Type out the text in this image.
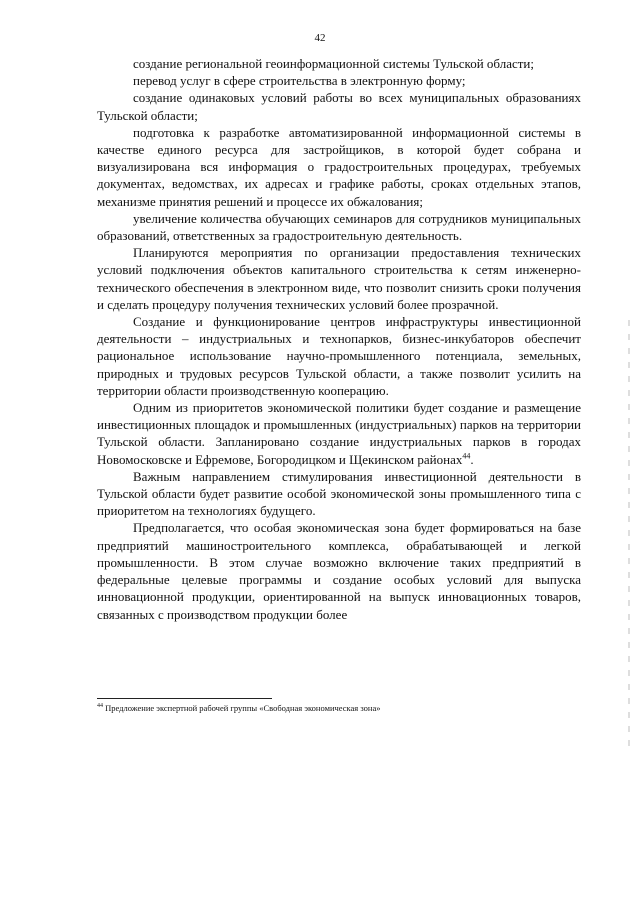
42

создание региональной геоинформационной системы Тульской области;

перевод услуг в сфере строительства в электронную форму;

создание одинаковых условий работы во всех муниципальных образованиях Тульской области;

подготовка к разработке автоматизированной информационной системы в качестве единого ресурса для застройщиков, в которой будет собрана и визуализирована вся информация о градостроительных процедурах, требуемых документах, ведомствах, их адресах и графике работы, сроках отдельных этапов, механизме принятия решений и процессе их обжалования;

увеличение количества обучающих семинаров для сотрудников муниципальных образований, ответственных за градостроительную деятельность.

Планируются мероприятия по организации предоставления технических условий подключения объектов капитального строительства к сетям инженерно-технического обеспечения в электронном виде, что позволит снизить сроки получения и сделать процедуру получения технических условий более прозрачной.

Создание и функционирование центров инфраструктуры инвестиционной деятельности – индустриальных и технопарков, бизнес-инкубаторов обеспечит рациональное использование научно-промышленного потенциала, земельных, природных и трудовых ресурсов Тульской области, а также позволит усилить на территории области производственную кооперацию.

Одним из приоритетов экономической политики будет создание и размещение инвестиционных площадок и промышленных (индустриальных) парков на территории Тульской области. Запланировано создание индустриальных парков в городах Новомосковске и Ефремове, Богородицком и Щекинском районах$^{44}$.

Важным направлением стимулирования инвестиционной деятельности в Тульской области будет развитие особой экономической зоны промышленного типа с приоритетом на технологиях будущего.

Предполагается, что особая экономическая зона будет формироваться на базе предприятий машиностроительного комплекса, обрабатывающей и легкой промышленности. В этом случае возможно включение таких предприятий в федеральные целевые программы и создание особых условий для выпуска инновационной продукции, ориентированной на выпуск инновационных товаров, связанных с производством продукции более

$^{44}$ Предложение экспертной рабочей группы «Свободная экономическая зона»
